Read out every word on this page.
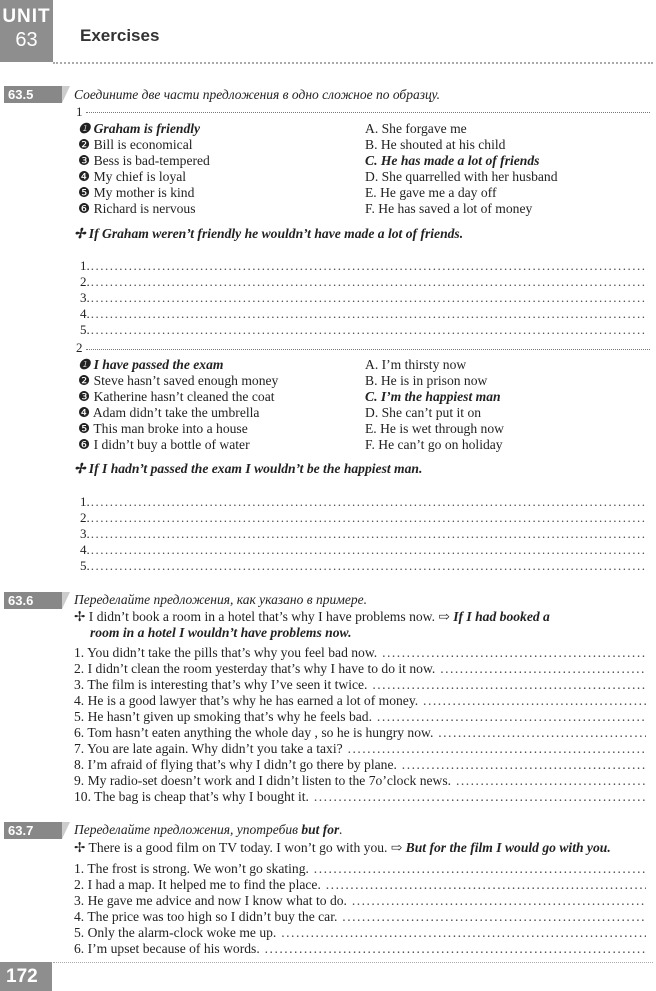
UNIT
63	Exercises
63.5	Соедините две части предложения в одно сложное по образцу.
1
❶ Graham is friendly	A. She forgave me
❷ Bill is economical	B. He shouted at his child
❸ Bess is bad-tempered	C. He has made a lot of friends
❹ My chief is loyal	D. She quarrelled with her husband
❺ My mother is kind	E. He gave me a day off
❻ Richard is nervous	F. He has saved a lot of money
✢ If Graham weren’t friendly he wouldn’t have made a lot of friends.
1. .....
2. .....
3. .....
4. .....
5. .....
2
❶ I have passed the exam	A. I’m thirsty now
❷ Steve hasn’t saved enough money	B. He is in prison now
❸ Katherine hasn’t cleaned the coat	C. I’m the happiest man
❹ Adam didn’t take the umbrella	D. She can’t put it on
❺ This man broke into a house	E. He is wet through now
❻ I didn’t buy a bottle of water	F. He can’t go on holiday
✢ If I hadn’t passed the exam I wouldn’t be the happiest man.
1. .....
2. .....
3. .....
4. .....
5. .....
63.6	Переделайте предложения, как указано в примере.
✢ I didn’t book a room in a hotel that’s why I have problems now. ⇨ If I had booked a
room in a hotel I wouldn’t have problems now.
1. You didn’t take the pills that’s why you feel bad now. .....
2. I didn’t clean the room yesterday that’s why I have to do it now. .....
3. The film is interesting that’s why I’ve seen it twice. .....
4. He is a good lawyer that’s why he has earned a lot of money. .....
5. He hasn’t given up smoking that’s why he feels bad. .....
6. Tom hasn’t eaten anything the whole day , so he is hungry now. .....
7. You are late again. Why didn’t you take a taxi? .....
8. I’m afraid of flying that’s why I didn’t go there by plane. .....
9. My radio-set doesn’t work and I didn’t listen to the 7o’clock news. .....
10. The bag is cheap that’s why I bought it. .....
63.7	Переделайте предложения, употребив but for.
✢ There is a good film on TV today. I won’t go with you. ⇨ But for the film I would go with you.
1. The frost is strong. We won’t go skating. .....
2. I had a map. It helped me to find the place. .....
3. He gave me advice and now I know what to do. .....
4. The price was too high so I didn’t buy the car. .....
5. Only the alarm-clock woke me up. .....
6. I’m upset because of his words. .....
172
